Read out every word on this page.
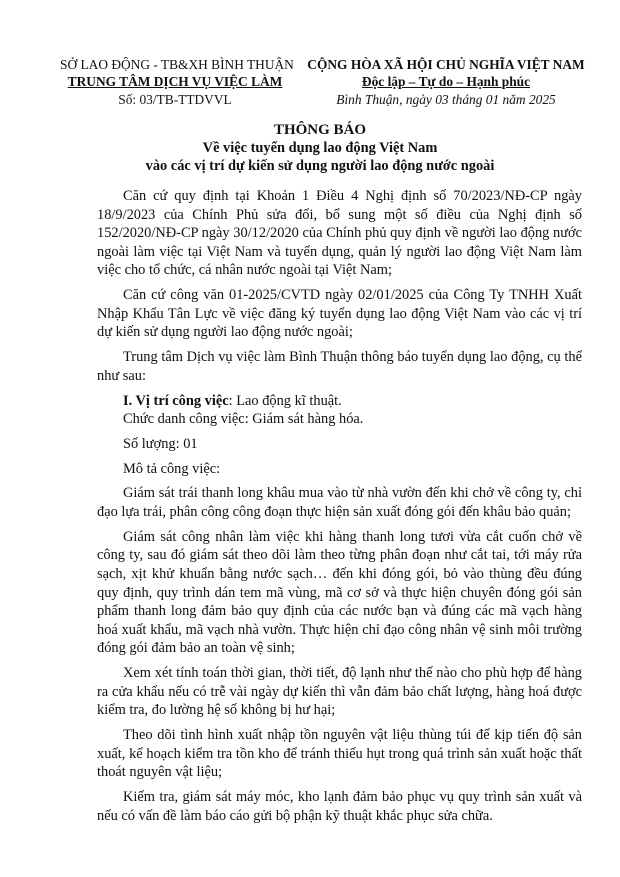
SỞ LAO ĐỘNG - TB&XH BÌNH THUẬN
TRUNG TÂM DỊCH VỤ VIỆC LÀM
Số: 03/TB-TTDVVL
CỘNG HÒA XÃ HỘI CHỦ NGHĨA VIỆT NAM
Độc lập – Tự do – Hạnh phúc
Bình Thuận, ngày 03 tháng 01 năm 2025
THÔNG BÁO
Về việc tuyển dụng lao động Việt Nam
vào các vị trí dự kiến sử dụng người lao động nước ngoài

Căn cứ quy định tại Khoản 1 Điều 4 Nghị định số 70/2023/NĐ-CP ngày 18/9/2023 của Chính Phủ sửa đổi, bổ sung một số điều của Nghị định số 152/2020/NĐ-CP ngày 30/12/2020 của Chính phủ quy định về người lao động nước ngoài làm việc tại Việt Nam và tuyển dụng, quản lý người lao động Việt Nam làm việc cho tổ chức, cá nhân nước ngoài tại Việt Nam;

Căn cứ công văn 01-2025/CVTD ngày 02/01/2025 của Công Ty TNHH Xuất Nhập Khẩu Tân Lực về việc đăng ký tuyển dụng lao động Việt Nam vào các vị trí dự kiến sử dụng người lao động nước ngoài;

Trung tâm Dịch vụ việc làm Bình Thuận thông báo tuyển dụng lao động, cụ thể như sau:

I. Vị trí công việc: Lao động kĩ thuật.

Chức danh công việc: Giám sát hàng hóa.

Số lượng: 01

Mô tả công việc:

Giám sát trái thanh long khâu mua vào từ nhà vườn đến khi chở về công ty, chỉ đạo lựa trái, phân công công đoạn thực hiện sản xuất đóng gói đến khâu bảo quản;

Giám sát công nhân làm việc khi hàng thanh long tươi vừa cắt cuốn chở về công ty, sau đó giám sát theo dõi làm theo từng phân đoạn như cắt tai, tới máy rửa sạch, xịt khử khuẩn bằng nước sạch… đến khi đóng gói, bỏ vào thùng đều đúng quy định, quy trình dán tem mã vùng, mã cơ sở và thực hiện chuyên đóng gói sản phẩm thanh long đảm bảo quy định của các nước bạn và đúng các mã vạch hàng hoá xuất khẩu, mã vạch nhà vườn. Thực hiện chỉ đạo công nhân vệ sinh môi trường đóng gói đảm bảo an toàn vệ sinh;

Xem xét tính toán thời gian, thời tiết, độ lạnh như thế nào cho phù hợp để hàng ra cửa khẩu nếu có trễ vài ngày dự kiến thì vẫn đảm bảo chất lượng, hàng hoá được kiểm tra, đo lường hệ số không bị hư hại;

Theo dõi tình hình xuất nhập tồn nguyên vật liệu thùng túi để kịp tiến độ sản xuất, kế hoạch kiểm tra tồn kho để tránh thiếu hụt trong quá trình sản xuất hoặc thất thoát nguyên vật liệu;

Kiểm tra, giám sát máy móc, kho lạnh đảm bảo phục vụ quy trình sản xuất và nếu có vấn đề làm báo cáo gửi bộ phận kỹ thuật khắc phục sửa chữa.
